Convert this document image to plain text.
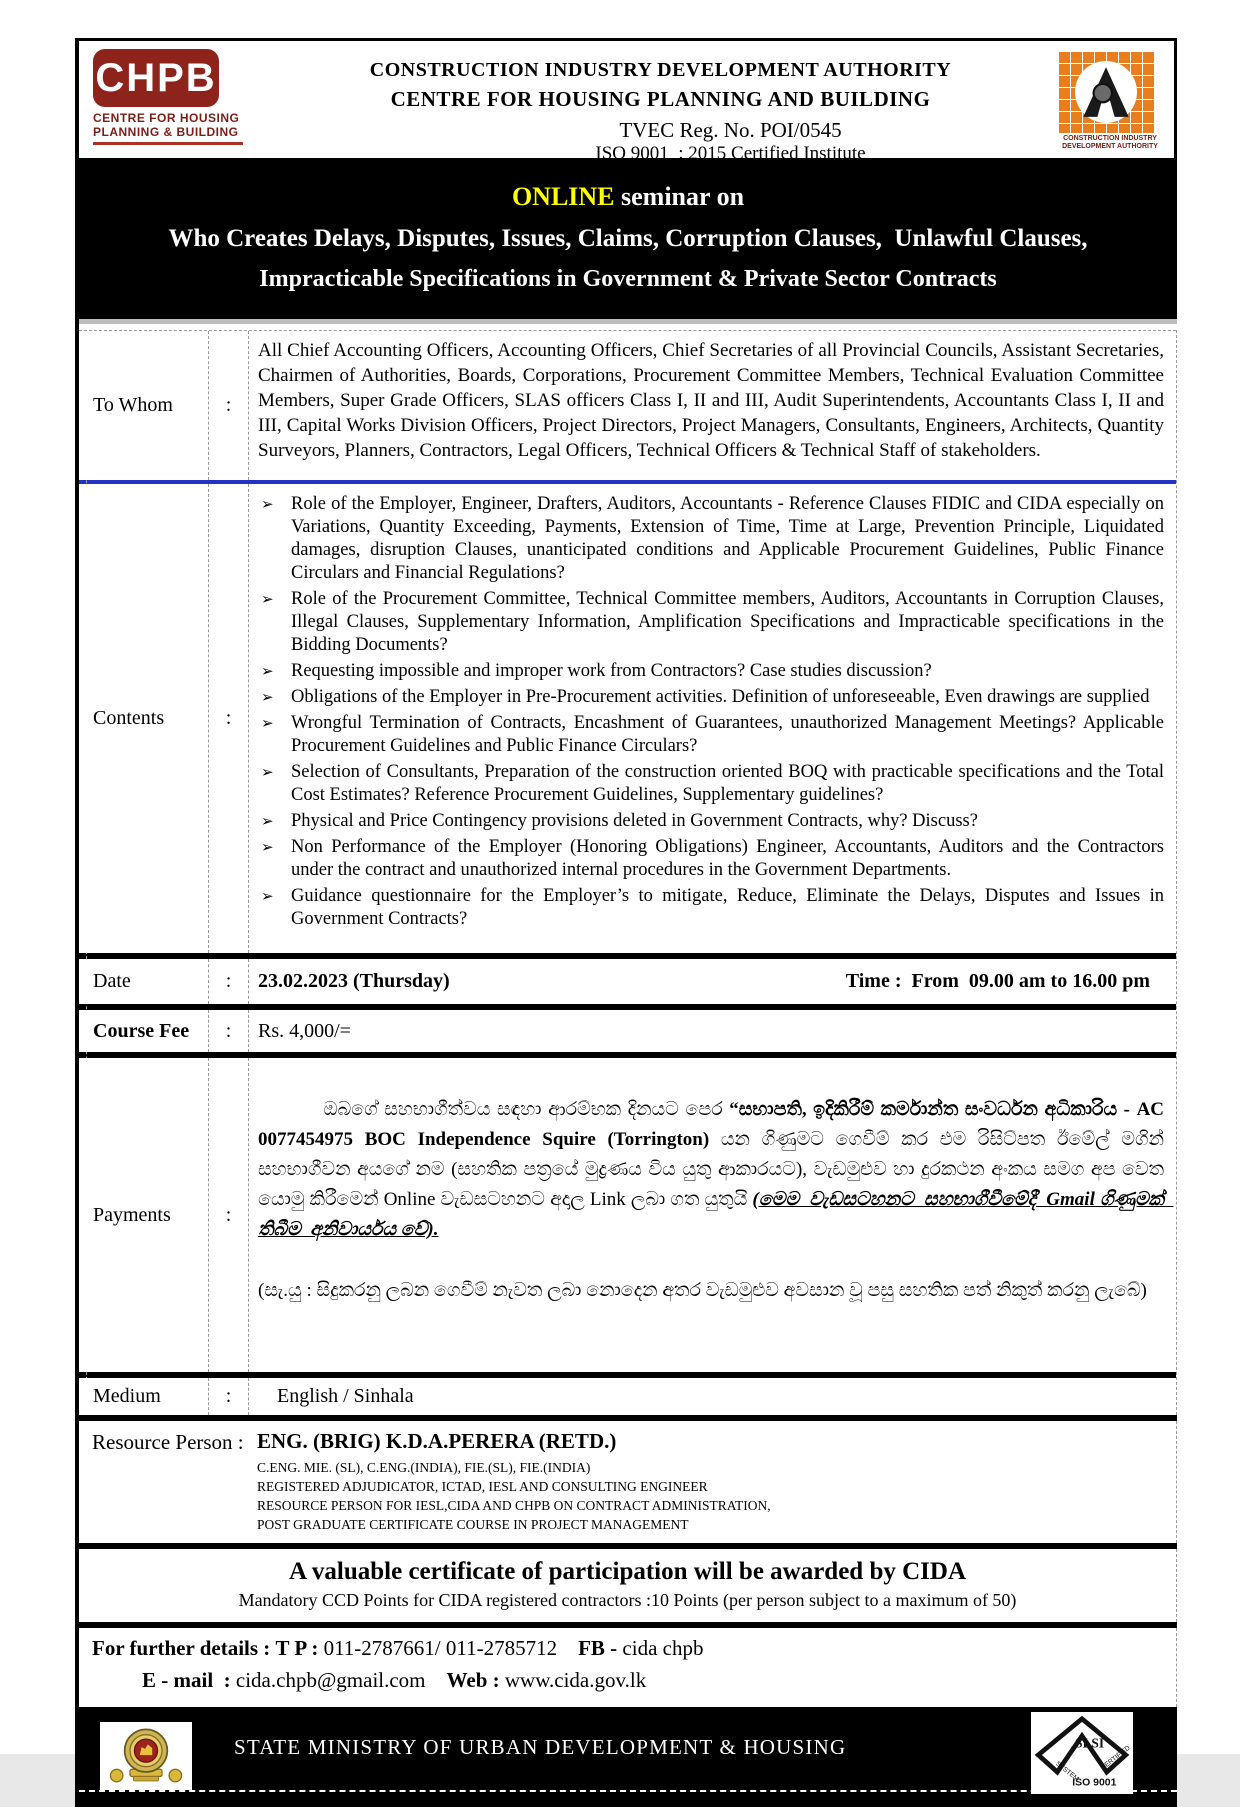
CHPB
CENTRE FOR HOUSING
PLANNING & BUILDING
CONSTRUCTION INDUSTRY DEVELOPMENT AUTHORITY
CENTRE FOR HOUSING PLANNING AND BUILDING
TVEC Reg. No. POI/0545
ISO 9001  : 2015 Certified Institute
CONSTRUCTION INDUSTRY
DEVELOPMENT AUTHORITY
ONLINE seminar on
Who Creates Delays, Disputes, Issues, Claims, Corruption Clauses,  Unlawful Clauses,
Impracticable Specifications in Government & Private Sector Contracts
To Whom	:
All Chief Accounting Officers, Accounting Officers, Chief Secretaries of all Provincial Councils, Assistant Secretaries, Chairmen of Authorities, Boards, Corporations, Procurement Committee Members, Technical Evaluation Committee Members, Super Grade Officers, SLAS officers Class I, II and III, Audit Superintendents, Accountants Class I, II and III, Capital Works Division Officers, Project Directors, Project Managers, Consultants, Engineers, Architects, Quantity Surveyors, Planners, Contractors, Legal Officers, Technical Officers & Technical Staff of stakeholders.
Contents	:
➢ Role of the Employer, Engineer, Drafters, Auditors, Accountants - Reference Clauses FIDIC and CIDA especially on Variations, Quantity Exceeding, Payments, Extension of Time, Time at Large, Prevention Principle, Liquidated damages, disruption Clauses, unanticipated conditions and Applicable Procurement Guidelines, Public Finance Circulars and Financial Regulations?
➢ Role of the Procurement Committee, Technical Committee members, Auditors, Accountants in Corruption Clauses, Illegal Clauses, Supplementary Information, Amplification Specifications and Impracticable specifications in the Bidding Documents?
➢ Requesting impossible and improper work from Contractors? Case studies discussion?
➢ Obligations of the Employer in Pre-Procurement activities. Definition of unforeseeable, Even drawings are supplied
➢ Wrongful Termination of Contracts, Encashment of Guarantees, unauthorized Management Meetings? Applicable Procurement Guidelines and Public Finance Circulars?
➢ Selection of Consultants, Preparation of the construction oriented BOQ with practicable specifications and the Total Cost Estimates? Reference Procurement Guidelines, Supplementary guidelines?
➢ Physical and Price Contingency provisions deleted in Government Contracts, why? Discuss?
➢ Non Performance of the Employer (Honoring Obligations) Engineer, Accountants, Auditors and the Contractors under the contract and unauthorized internal procedures in the Government Departments.
➢ Guidance questionnaire for the Employer’s to mitigate, Reduce, Eliminate the Delays, Disputes and Issues in Government Contracts?
Date	:	23.02.2023 (Thursday)	Time :  From  09.00 am to 16.00 pm
Course Fee	:	Rs. 4,000/=
Payments	:

ඔබගේ සහභාගීත්වය සඳහා ආරම්භක දිනයට පෙර “සභාපති, ඉදිකිරීම් කර්මාන්ත සංවර්ධන අධිකාරිය - AC 0077454975 BOC Independence Squire (Torrington) යන ගිණුමට ගෙවීම් කර එම රිසිට්පත ඊමේල් මගින් සහභාගීවන අයගේ නම (සහතික පත්‍රයේ මුද්‍රණය විය යුතු ආකාරයට), වැඩමුළුව හා දුරකථන අංකය සමග අප වෙත යොමු කිරීමෙන් Online වැඩසටහනට අදාල Link ලබා ගත යුතුයි (මෙම  වැඩසටහනට  සහභාගීවීමේදී  Gmail ගිණුමක්  තිබීම  අනිවාර්යය වේ).

(සැ.යු : සිදුකරනු ලබන ගෙවීම් නැවත ලබා නොදෙන අතර වැඩමුළුව අවසාන වූ පසු සහතික පත් නිකුත් කරනු ලැබේ)

Medium	:	English / Sinhala
Resource Person : ENG. (BRIG) K.D.A.PERERA (RETD.)
C.ENG. MIE. (SL), C.ENG.(INDIA), FIE.(SL), FIE.(INDIA)
REGISTERED ADJUDICATOR, ICTAD, IESL AND CONSULTING ENGINEER
RESOURCE PERSON FOR IESL,CIDA AND CHPB ON CONTRACT ADMINISTRATION,
POST GRADUATE CERTIFICATE COURSE IN PROJECT MANAGEMENT
A valuable certificate of participation will be awarded by CIDA
Mandatory CCD Points for CIDA registered contractors :10 Points (per person subject to a maximum of 50)
For further details : T P : 011-2787661/ 011-2785712 FB - cida chpb
E - mail  : cida.chpb@gmail.com Web : www.cida.gov.lk
STATE MINISTRY OF URBAN DEVELOPMENT & HOUSING	SLSI
SYSTEM	CERTIFIED
ISO 9001
